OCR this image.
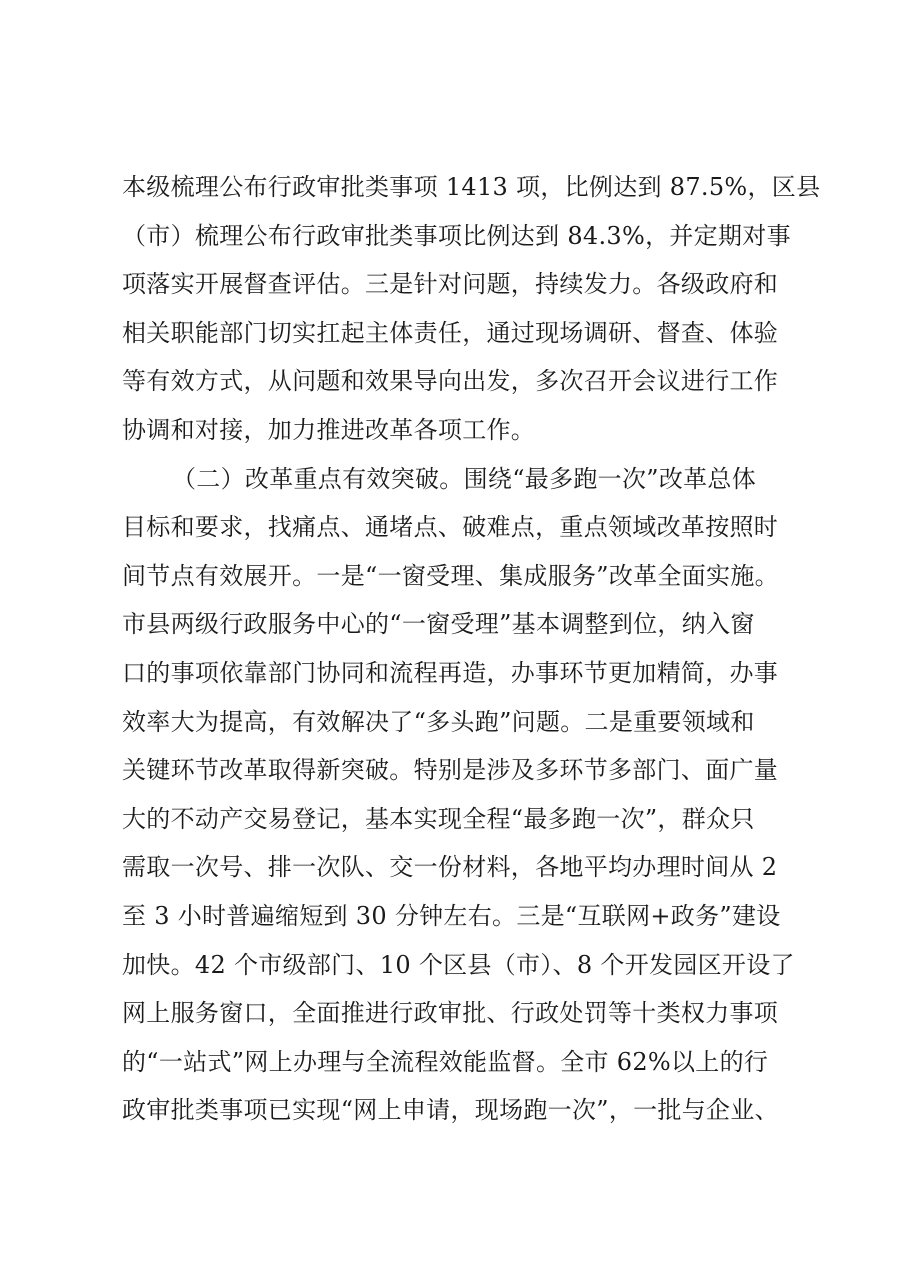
本级梳理公布行政审批类事项 1413 项，比例达到 87.5%，区县
（市）梳理公布行政审批类事项比例达到 84.3%，并定期对事
项落实开展督查评估。三是针对问题，持续发力。各级政府和
相关职能部门切实扛起主体责任，通过现场调研、督查、体验
等有效方式，从问题和效果导向出发，多次召开会议进行工作
协调和对接，加力推进改革各项工作。
（二）改革重点有效突破。围绕“最多跑一次”改革总体
目标和要求，找痛点、通堵点、破难点，重点领域改革按照时
间节点有效展开。一是“一窗受理、集成服务”改革全面实施。
市县两级行政服务中心的“一窗受理”基本调整到位，纳入窗
口的事项依靠部门协同和流程再造，办事环节更加精简，办事
效率大为提高，有效解决了“多头跑”问题。二是重要领域和
关键环节改革取得新突破。特别是涉及多环节多部门、面广量
大的不动产交易登记，基本实现全程“最多跑一次”，群众只
需取一次号、排一次队、交一份材料，各地平均办理时间从 2
至 3 小时普遍缩短到 30 分钟左右。三是“互联网+政务”建设
加快。42 个市级部门、10 个区县（市）、8 个开发园区开设了
网上服务窗口，全面推进行政审批、行政处罚等十类权力事项
的“一站式”网上办理与全流程效能监督。全市 62%以上的行
政审批类事项已实现“网上申请，现场跑一次”，一批与企业、
